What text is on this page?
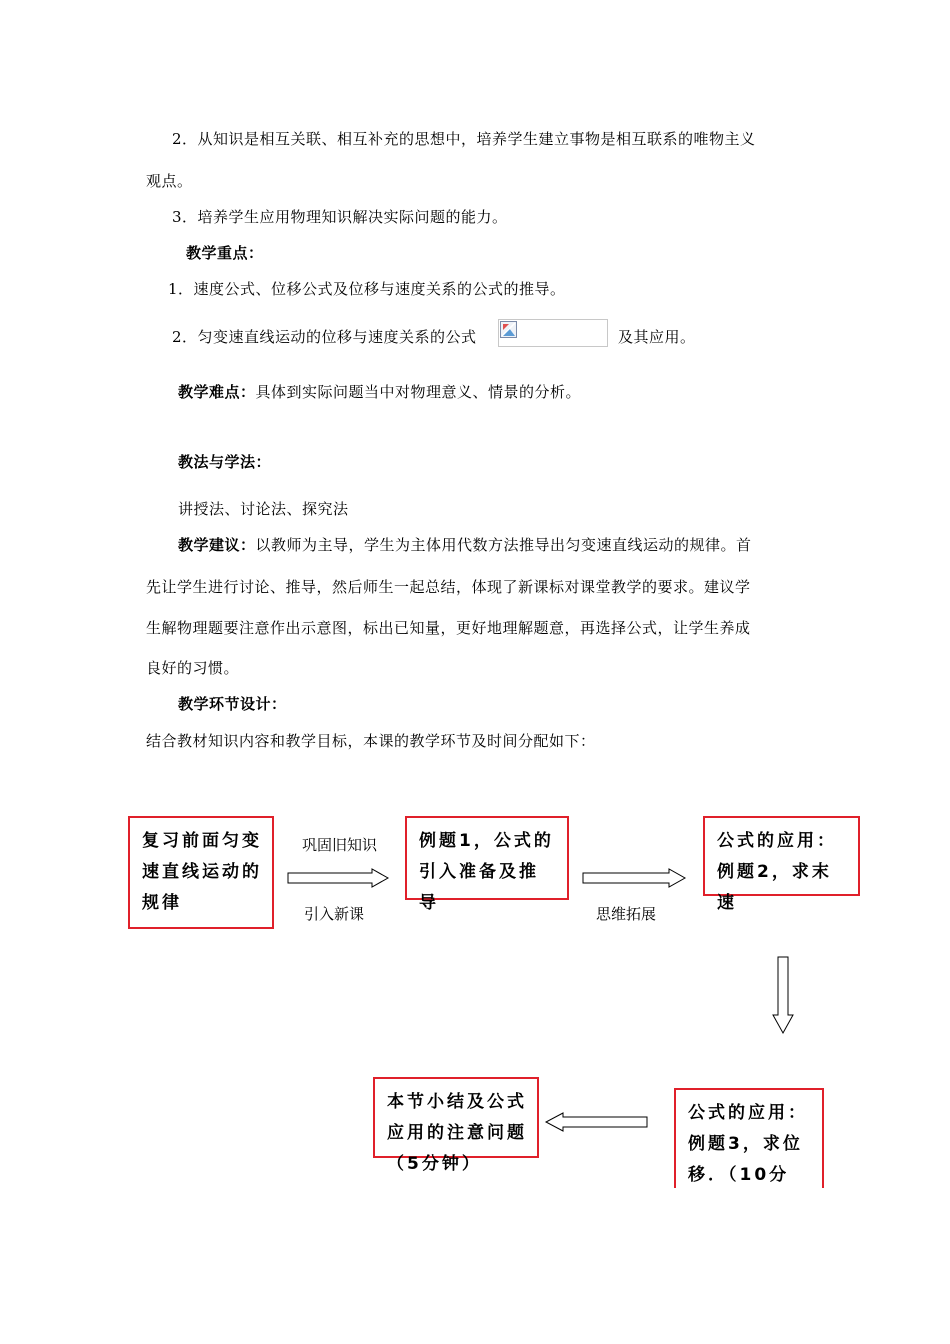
2．从知识是相互关联、相互补充的思想中，培养学生建立事物是相互联系的唯物主义
观点。
3．培养学生应用物理知识解决实际问题的能力。
教学重点：
1．速度公式、位移公式及位移与速度关系的公式的推导。
2．匀变速直线运动的位移与速度关系的公式	及其应用。
教学难点：具体到实际问题当中对物理意义、情景的分析。
教法与学法：
讲授法、讨论法、探究法
教学建议：以教师为主导，学生为主体用代数方法推导出匀变速直线运动的规律。首
先让学生进行讨论、推导，然后师生一起总结，体现了新课标对课堂教学的要求。建议学
生解物理题要注意作出示意图，标出已知量，更好地理解题意，再选择公式，让学生养成
良好的习惯。
教学环节设计：
结合教材知识内容和教学目标，本课的教学环节及时间分配如下：
复习前面匀变
速直线运动的
规律
巩固旧知识
引入新课
例题1，公式的
引入准备及推导
思维拓展
公式的应用：
例题2，求末速
公式的应用：
例题3，求位
移．（10分
本节小结及公式
应用的注意问题
（5分钟）
